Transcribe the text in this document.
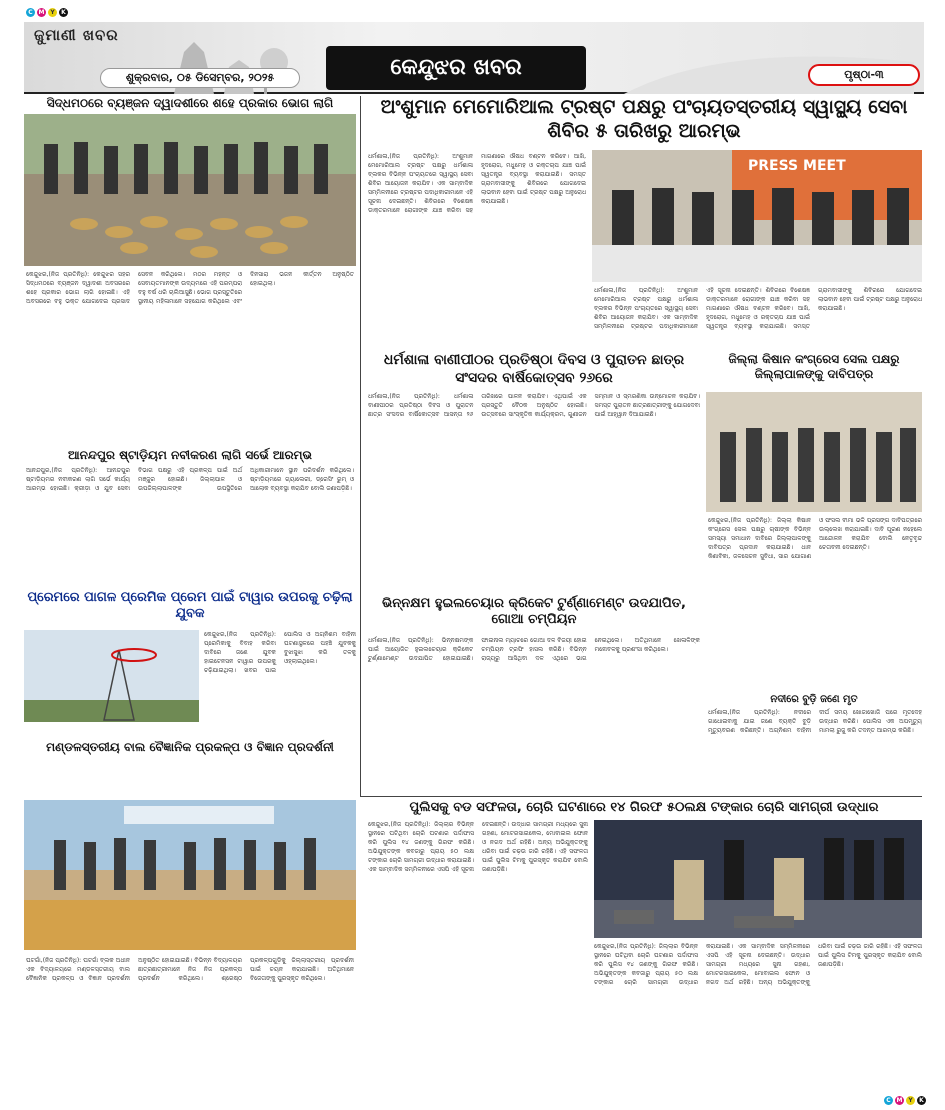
C M Y	K
C M Y	K
ଜୁମାଣୀ ଖବର
ଶୁକ୍ରବାର, ୦୫ ଡିସେମ୍ବର, ୨୦୨୫	କେନ୍ଦୁଝର ଖବର	ପୃଷ୍ଠା-୩
ସିଦ୍ଧମଠରେ ବ୍ୟଞ୍ଜନ ଦ୍ୱାଦଶୀରେ ଶହେ ପ୍ରକାର ଭୋଗ ଲାଗି
କେନ୍ଦୁଝର,(ନିଜ ପ୍ରତିନିଧି): କେନ୍ଦୁଝର ସହର ସିଦ୍ଧମଠରେ ବ୍ୟଞ୍ଜନ ଦ୍ୱାଦଶୀ ଅବସରରେ ଶହେ ପ୍ରକାର ଭୋଗ ଲାଗି ହୋଇଛି। ଏହି ଅବସରରେ ବହୁ ଭକ୍ତ ଯୋଗଦେଇ ପ୍ରସାଦ ସେବନ କରିଥିଲେ। ମଠର ମହନ୍ତ ଓ ସେବାୟତମାନଙ୍କ ଉଦ୍ୟମରେ ଏହି ପରମ୍ପରା ବହୁ ବର୍ଷ ଧରି ଚାଲିଆସୁଛି। ଭୋଗ ପ୍ରସ୍ତୁତିରେ ସ୍ଥାନୀୟ ମହିଳାମାନେ ସହଯୋଗ କରିଥିଲେ ଏବଂ ଦିନସାରା ଭଜନ କୀର୍ତ୍ତନ ଅନୁଷ୍ଠିତ ହୋଇଥିଲା।
ଆନନ୍ଦପୁର ଷ୍ଟାଡ଼ିୟମ ନବୀକରଣ ଲାଗି ସର୍ଭେ ଆରମ୍ଭ
ଆନନ୍ଦପୁର,(ନିଜ ପ୍ରତିନିଧି): ଆନନ୍ଦପୁର ଷ୍ଟାଡ଼ିୟମର ନବୀକରଣ ଲାଗି ସର୍ଭେ କାର୍ଯ୍ୟ ଆରମ୍ଭ ହୋଇଛି। କ୍ରୀଡ଼ା ଓ ଯୁବ ସେବା ବିଭାଗ ପକ୍ଷରୁ ଏହି ପ୍ରକଳ୍ପ ପାଇଁ ଅର୍ଥ ମଞ୍ଜୁର ହୋଇଛି। ଜିଲ୍ଲାପାଳ ଓ ଉପଜିଲ୍ଲାପାଳଙ୍କ ଉପସ୍ଥିତିରେ ଅଧିକାରୀମାନେ ସ୍ଥାନ ପରିଦର୍ଶନ କରିଥିଲେ। ଷ୍ଟାଡ଼ିୟମରେ ଗ୍ୟାଲେରୀ, ଡ୍ରେସିଂ ରୁମ୍ ଓ ଆଲୋକ ବ୍ୟବସ୍ଥା କରାଯିବ ବୋଲି ଜଣାପଡ଼ିଛି।
ପ୍ରେମରେ ପାଗଳ ପ୍ରେମିକ ପ୍ରେମ ପାଇଁ ଟାୱାର ଉପରକୁ ଚଢ଼ିଲା ଯୁବକ
କେନ୍ଦୁଝର,(ନିଜ ପ୍ରତିନିଧି): ପ୍ରେମିକାକୁ ବିବାହ କରିବା ଦାବିରେ ଜଣେ ଯୁବକ ହାଇଟେନସନ ଟାୱାର ଉପରକୁ ଚଢ଼ିଯାଇଥିଲା। ଖବର ପାଇ ପୋଲିସ ଓ ଅଗ୍ନିଶମ ବାହିନୀ ଘଟଣାସ୍ଥଳରେ ପହଞ୍ଚି ଯୁବକକୁ ବୁଝାସୁଝା କରି ତଳକୁ ଓହ୍ଲାଇଥିଲେ।
ମଣ୍ଡଳସ୍ତରୀୟ ବାଲ ବୈଜ୍ଞାନିକ ପ୍ରକଳ୍ପ ଓ ବିଜ୍ଞାନ ପ୍ରଦର୍ଶନୀ
ଘଟଗାଁ,(ନିଜ ପ୍ରତିନିଧି): ଘଟଗାଁ ବ୍ଲକ ଅଧୀନ ଏକ ବିଦ୍ୟାଳୟରେ ମଣ୍ଡଳସ୍ତରୀୟ ବାଲ ବୈଜ୍ଞାନିକ ପ୍ରକଳ୍ପ ଓ ବିଜ୍ଞାନ ପ୍ରଦର୍ଶନୀ ଅନୁଷ୍ଠିତ ହୋଇଯାଇଛି। ବିଭିନ୍ନ ବିଦ୍ୟାଳୟର ଛାତ୍ରଛାତ୍ରୀମାନେ ନିଜ ନିଜ ପ୍ରକଳ୍ପ ପ୍ରଦର୍ଶନ କରିଥିଲେ। ଶ୍ରେଷ୍ଠ ପ୍ରକଳ୍ପଗୁଡ଼ିକୁ ଜିଲ୍ଲାସ୍ତରୀୟ ପ୍ରଦର୍ଶନୀ ପାଇଁ ଚୟନ କରାଯାଇଛି। ଅତିଥିମାନେ ବିଜେତାଙ୍କୁ ପୁରସ୍କୃତ କରିଥିଲେ।
ଅଂଶୁମାନ ମେମୋରିଆଲ ଟ୍ରଷ୍ଟ ପକ୍ଷରୁ ପଂଚାୟତସ୍ତରୀୟ ସ୍ୱାସ୍ଥ୍ୟ ସେବା ଶିବିର ୫ ତାରିଖରୁ ଆରମ୍ଭ
ଧର୍ମଶାଳା,(ନିଜ ପ୍ରତିନିଧି): ଅଂଶୁମାନ ମେମୋରିଆଲ ଟ୍ରଷ୍ଟ ପକ୍ଷରୁ ଧର୍ମଶାଳା ବ୍ଲକର ବିଭିନ୍ନ ପଂଚାୟତରେ ସ୍ୱାସ୍ଥ୍ୟ ସେବା ଶିବିର ଆୟୋଜନ କରାଯିବ। ଏକ ସାମ୍ବାଦିକ ସମ୍ମିଳନୀରେ ଟ୍ରଷ୍ଟର ପଦାଧିକାରୀମାନେ ଏହି ସୂଚନା ଦେଇଛନ୍ତି। ଶିବିରରେ ବିଶେଷଜ୍ଞ ଡାକ୍ତରମାନେ ରୋଗୀଙ୍କ ଯାଞ୍ଚ କରିବା ସହ ମାଗଣାରେ ଔଷଧ ବଣ୍ଟନ କରିବେ। ଆଖି, ହୃଦରୋଗ, ମଧୁମେହ ଓ ରକ୍ତଚାପ ଯାଞ୍ଚ ପାଇଁ ସ୍ୱତନ୍ତ୍ର ବ୍ୟବସ୍ଥା କରାଯାଇଛି। ସମସ୍ତ ଗ୍ରାମବାସୀଙ୍କୁ ଶିବିରରେ ଯୋଗଦେଇ ଲାଭବାନ ହେବା ପାଇଁ ଟ୍ରଷ୍ଟ ପକ୍ଷରୁ ଅନୁରୋଧ କରାଯାଇଛି।
PRESS MEET
ଧର୍ମଶାଳା,(ନିଜ ପ୍ରତିନିଧି): ଅଂଶୁମାନ ମେମୋରିଆଲ ଟ୍ରଷ୍ଟ ପକ୍ଷରୁ ଧର୍ମଶାଳା ବ୍ଲକର ବିଭିନ୍ନ ପଂଚାୟତରେ ସ୍ୱାସ୍ଥ୍ୟ ସେବା ଶିବିର ଆୟୋଜନ କରାଯିବ। ଏକ ସାମ୍ବାଦିକ ସମ୍ମିଳନୀରେ ଟ୍ରଷ୍ଟର ପଦାଧିକାରୀମାନେ ଏହି ସୂଚନା ଦେଇଛନ୍ତି। ଶିବିରରେ ବିଶେଷଜ୍ଞ ଡାକ୍ତରମାନେ ରୋଗୀଙ୍କ ଯାଞ୍ଚ କରିବା ସହ ମାଗଣାରେ ଔଷଧ ବଣ୍ଟନ କରିବେ। ଆଖି, ହୃଦରୋଗ, ମଧୁମେହ ଓ ରକ୍ତଚାପ ଯାଞ୍ଚ ପାଇଁ ସ୍ୱତନ୍ତ୍ର ବ୍ୟବସ୍ଥା କରାଯାଇଛି। ସମସ୍ତ ଗ୍ରାମବାସୀଙ୍କୁ ଶିବିରରେ ଯୋଗଦେଇ ଲାଭବାନ ହେବା ପାଇଁ ଟ୍ରଷ୍ଟ ପକ୍ଷରୁ ଅନୁରୋଧ କରାଯାଇଛି।
ଧର୍ମଶାଳା ବାଣୀପୀଠର ପ୍ରତିଷ୍ଠା ଦିବସ ଓ ପୁରାତନ ଛାତ୍ର ସଂସଦର ବାର୍ଷିକୋତ୍ସବ ୨୬ରେ
ଧର୍ମଶାଳା,(ନିଜ ପ୍ରତିନିଧି): ଧର୍ମଶାଳା ବାଣୀପୀଠର ପ୍ରତିଷ୍ଠା ଦିବସ ଓ ପୁରାତନ ଛାତ୍ର ସଂସଦର ବାର୍ଷିକୋତ୍ସବ ଆସନ୍ତା ୨୬ ତାରିଖରେ ପାଳନ କରାଯିବ। ଏଥିପାଇଁ ଏକ ପ୍ରସ୍ତୁତି ବୈଠକ ଅନୁଷ୍ଠିତ ହୋଇଛି। ଉତ୍ସବରେ ସାଂସ୍କୃତିକ କାର୍ଯ୍ୟକ୍ରମ, ଗୁଣୀଜନ ସମ୍ମାନ ଓ ସ୍ମରଣିକା ଉନ୍ମୋଚନ କରାଯିବ। ସମସ୍ତ ପୁରାତନ ଛାତ୍ରଛାତ୍ରୀଙ୍କୁ ଯୋଗଦେବା ପାଇଁ ଆହ୍ୱାନ ଦିଆଯାଇଛି।
ଜିଲ୍ଲା କିଷାନ କଂଗ୍ରେସ ସେଲ ପକ୍ଷରୁ ଜିଲ୍ଲାପାଳଙ୍କୁ ଦାବିପତ୍ର
କେନ୍ଦୁଝର,(ନିଜ ପ୍ରତିନିଧି): ଜିଲ୍ଲା କିଷାନ କଂଗ୍ରେସ ସେଲ ପକ୍ଷରୁ ଚାଷୀଙ୍କ ବିଭିନ୍ନ ସମସ୍ୟା ସମାଧାନ ଦାବିରେ ଜିଲ୍ଲାପାଳଙ୍କୁ ଦାବିପତ୍ର ପ୍ରଦାନ କରାଯାଇଛି। ଧାନ କିଣାବିକା, ଜଳସେଚନ ସୁବିଧା, ସାର ଯୋଗାଣ ଓ ଫସଲ ବୀମା ଭଳି ପ୍ରସଙ୍ଗ ଦାବିପତ୍ରରେ ଉଲ୍ଲେଖ କରାଯାଇଛି। ଦାବି ପୂରଣ ନହେଲେ ଆନ୍ଦୋଳନ କରାଯିବ ବୋଲି ନେତୃବୃନ୍ଦ ଚେତାବନୀ ଦେଇଛନ୍ତି।
ଭିନ୍ନକ୍ଷମ ହୁଇଲଚେୟାର କ୍ରିକେଟ ଟୁର୍ଣ୍ଣାମେଣ୍ଟ ଉଦଯାପିତ, ଗୋଆ ଚମ୍ପିୟନ
ଧର୍ମଶାଳା,(ନିଜ ପ୍ରତିନିଧି): ଭିନ୍ନକ୍ଷମଙ୍କ ପାଇଁ ଆୟୋଜିତ ହୁଇଲଚେୟାର କ୍ରିକେଟ ଟୁର୍ଣ୍ଣାମେଣ୍ଟ ଉଦଯାପିତ ହୋଇଯାଇଛି। ଫାଇନାଲ ମ୍ୟାଚରେ ଗୋଆ ଦଳ ବିଜୟୀ ହୋଇ ଚମ୍ପିୟନ ଟ୍ରଫି ହାସଲ କରିଛି। ବିଭିନ୍ନ ରାଜ୍ୟରୁ ଆସିଥିବା ଦଳ ଏଥିରେ ଭାଗ ନେଇଥିଲେ। ଅତିଥିମାନେ ଖେଳାଳିଙ୍କ ମନୋବଳକୁ ପ୍ରଶଂସା କରିଥିଲେ।
ନଦୀରେ ବୁଡ଼ି ଜଣେ ମୃତ
ଧର୍ମଶାଳା,(ନିଜ ପ୍ରତିନିଧି): ନଦୀରେ ଗାଧୋଇବାକୁ ଯାଇ ଜଣେ ବ୍ୟକ୍ତି ବୁଡ଼ି ମୃତ୍ୟୁବରଣ କରିଛନ୍ତି। ଅଗ୍ନିଶମ ବାହିନୀ ଦୀର୍ଘ ସମୟ ଖୋଜାଖୋଜି ପରେ ମୃତଦେହ ଉଦ୍ଧାର କରିଛି। ପୋଲିସ ଏକ ଅପମୃତ୍ୟୁ ମାମଲା ରୁଜୁ କରି ତଦନ୍ତ ଆରମ୍ଭ କରିଛି।
ପୁଲିସକୁ ବଡ ସଫଳତା, ଚୋରି ଘଟଣାରେ ୧୪ ଗିରଫ ୫୦ଲକ୍ଷ ଟଙ୍କାର ଚୋରି ସାମଗ୍ରୀ ଉଦ୍ଧାର
କେନ୍ଦୁଝର,(ନିଜ ପ୍ରତିନିଧି): ଜିଲ୍ଲାର ବିଭିନ୍ନ ସ୍ଥାନରେ ଘଟିଥିବା ଚୋରି ଘଟଣାର ପର୍ଦ୍ଦାଫାସ କରି ପୁଲିସ ୧୪ ଜଣଙ୍କୁ ଗିରଫ କରିଛି। ଅଭିଯୁକ୍ତଙ୍କ କବଜାରୁ ପ୍ରାୟ ୫୦ ଲକ୍ଷ ଟଙ୍କାର ଚୋରି ସାମଗ୍ରୀ ଉଦ୍ଧାର କରାଯାଇଛି। ଏକ ସାମ୍ବାଦିକ ସମ୍ମିଳନୀରେ ଏସପି ଏହି ସୂଚନା ଦେଇଛନ୍ତି। ଉଦ୍ଧାର ସାମଗ୍ରୀ ମଧ୍ୟରେ ସୁନା ଗହଣା, ମୋଟରସାଇକେଲ, ମୋବାଇଲ ଫୋନ ଓ ନଗଦ ଅର୍ଥ ରହିଛି। ଅନ୍ୟ ଅଭିଯୁକ୍ତଙ୍କୁ ଧରିବା ପାଇଁ ଚଢ଼ଉ ଜାରି ରହିଛି। ଏହି ସଫଳତା ପାଇଁ ପୁଲିସ ଟିମକୁ ପୁରସ୍କୃତ କରାଯିବ ବୋଲି ଜଣାପଡ଼ିଛି।
କେନ୍ଦୁଝର,(ନିଜ ପ୍ରତିନିଧି): ଜିଲ୍ଲାର ବିଭିନ୍ନ ସ୍ଥାନରେ ଘଟିଥିବା ଚୋରି ଘଟଣାର ପର୍ଦ୍ଦାଫାସ କରି ପୁଲିସ ୧୪ ଜଣଙ୍କୁ ଗିରଫ କରିଛି। ଅଭିଯୁକ୍ତଙ୍କ କବଜାରୁ ପ୍ରାୟ ୫୦ ଲକ୍ଷ ଟଙ୍କାର ଚୋରି ସାମଗ୍ରୀ ଉଦ୍ଧାର କରାଯାଇଛି। ଏକ ସାମ୍ବାଦିକ ସମ୍ମିଳନୀରେ ଏସପି ଏହି ସୂଚନା ଦେଇଛନ୍ତି। ଉଦ୍ଧାର ସାମଗ୍ରୀ ମଧ୍ୟରେ ସୁନା ଗହଣା, ମୋଟରସାଇକେଲ, ମୋବାଇଲ ଫୋନ ଓ ନଗଦ ଅର୍ଥ ରହିଛି। ଅନ୍ୟ ଅଭିଯୁକ୍ତଙ୍କୁ ଧରିବା ପାଇଁ ଚଢ଼ଉ ଜାରି ରହିଛି। ଏହି ସଫଳତା ପାଇଁ ପୁଲିସ ଟିମକୁ ପୁରସ୍କୃତ କରାଯିବ ବୋଲି ଜଣାପଡ଼ିଛି।
